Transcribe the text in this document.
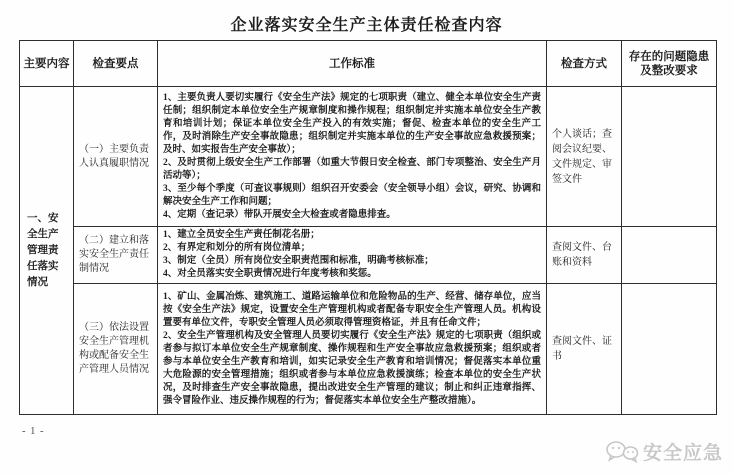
企业落实安全生产主体责任检查内容
主要内容	检查要点	工作标准	检查方式	存在的问题隐患及整改要求
一、安全生产管理责任落实情况	（一）主要负责人认真履职情况	1、主要负责人要切实履行《安全生产法》规定的七项职责（建立、健全本单位安全生产责任制；组织制定本单位安全生产规章制度和操作规程；组织制定并实施本单位安全生产教育和培训计划；保证本单位安全生产投入的有效实施；督促、检查本单位的安全生产工作，及时消除生产安全事故隐患；组织制定并实施本单位的生产安全事故应急救援预案；及时、如实报告生产安全事故）；

2、及时贯彻上级安全生产工作部署（如重大节假日安全检查、部门专项整治、安全生产月活动等）；

3、至少每个季度（可查议事规则）组织召开安委会（安全领导小组）会议，研究、协调和解决安全生产工作和问题；

4、定期（查记录）带队开展安全大检查或者隐患排查。	个人谈话；查阅会议纪要、文件规定、审签文件	
	（二）建立和落实安全生产责任制情况	1、建立全员安全生产责任制花名册；

2、有界定和划分的所有岗位清单；

3、制定（全员）所有岗位安全职责范围和标准，明确考核标准；

4、对全员落实安全职责情况进行年度考核和奖惩。	查阅文件、台账和资料	
	（三）依法设置安全生产管理机构或配备安全生产管理人员情况	1、矿山、金属冶炼、建筑施工、道路运输单位和危险物品的生产、经营、储存单位，应当按《安全生产法》规定，设置安全生产管理机构或者配备专职安全生产管理人员。机构设置要有单位文件，专职安全管理人员必须取得管理资格证，并且有任命文件；

2、安全生产管理机构及安全管理人员要切实履行《安全生产法》规定的七项职责（组织或者参与拟订本单位安全生产规章制度、操作规程和生产安全事故应急救援预案；组织或者参与本单位安全生产教育和培训，如实记录安全生产教育和培训情况；督促落实本单位重大危险源的安全管理措施；组织或者参与本单位应急救援演练；检查本单位的安全生产状况，及时排查生产安全事故隐患，提出改进安全生产管理的建议；制止和纠正违章指挥、强令冒险作业、违反操作规程的行为；督促落实本单位安全生产整改措施）。	查阅文件、证书	
- 1 -
安全应急
